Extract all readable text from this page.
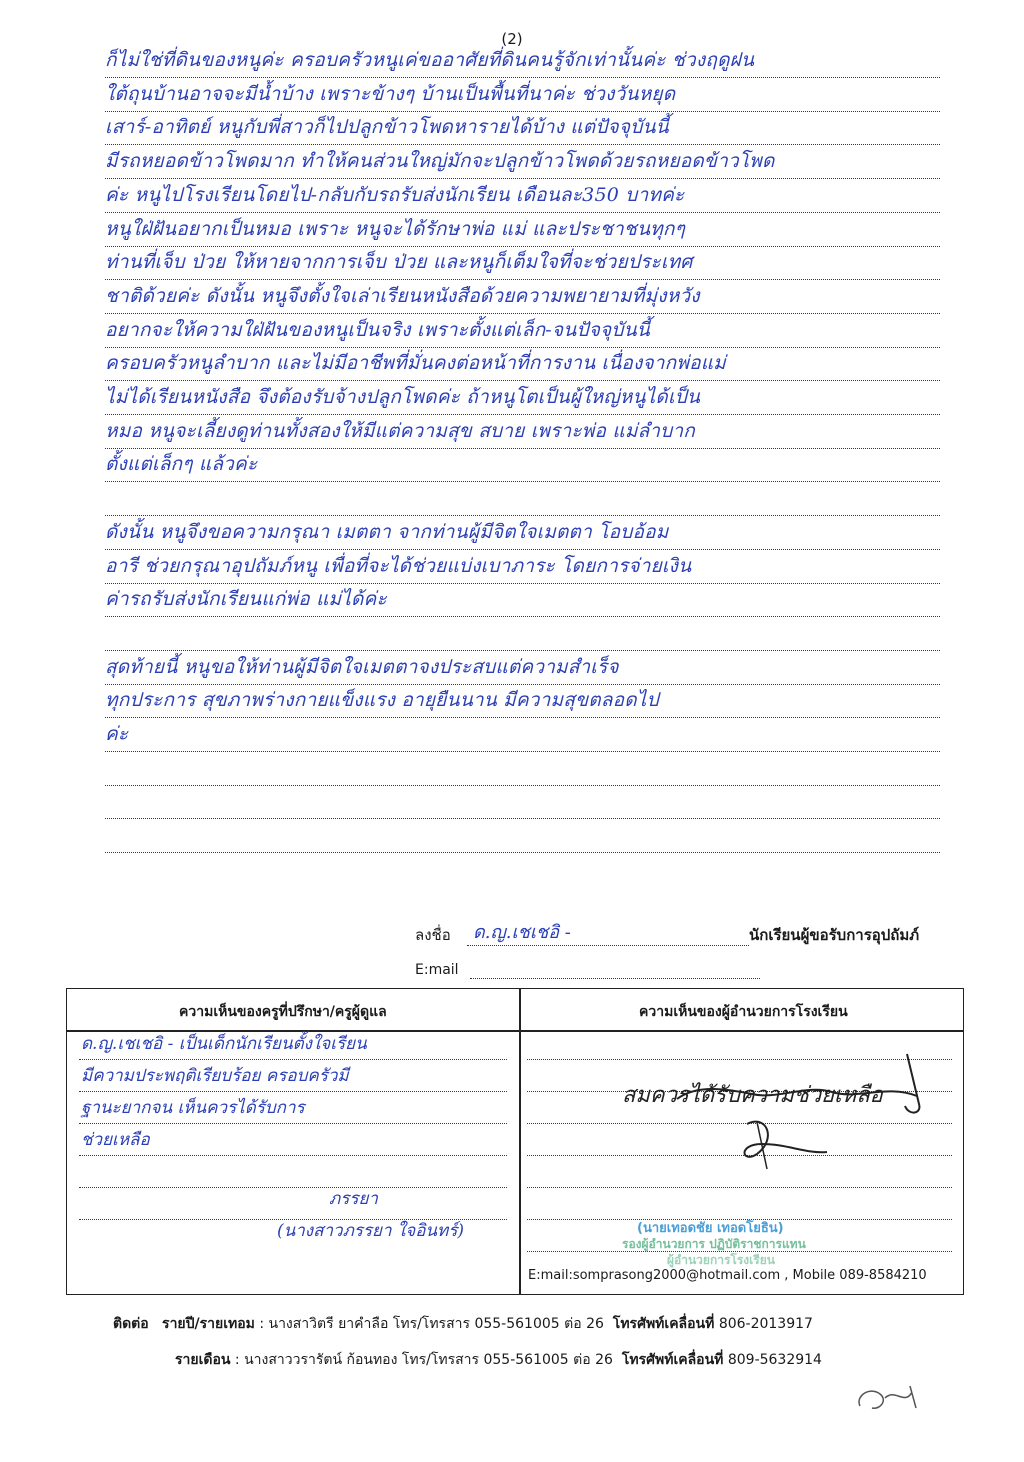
(2)
ก็ไม่ใช่ที่ดินของหนูค่ะ ครอบครัวหนูเค่ขออาศัยที่ดินคนรู้จักเท่านั้นค่ะ ช่วงฤดูฝน
ใต้ถุนบ้านอาจจะมีน้ำบ้าง เพราะข้างๆ บ้านเป็นพื้นที่นาค่ะ ช่วงวันหยุด
เสาร์-อาทิตย์ หนูกับพี่สาวก็ไปปลูกข้าวโพดหารายได้บ้าง แต่ปัจจุบันนี้
มีรถหยอดข้าวโพดมาก ทำให้คนส่วนใหญ่มักจะปลูกข้าวโพดด้วยรถหยอดข้าวโพด
ค่ะ หนูไปโรงเรียนโดยไป-กลับกับรถรับส่งนักเรียน เดือนละ350 บาทค่ะ
หนูใฝ่ฝันอยากเป็นหมอ เพราะ หนูจะได้รักษาพ่อ แม่ และประชาชนทุกๆ
ท่านที่เจ็บ ป่วย ให้หายจากการเจ็บ ป่วย และหนูก็เต็มใจที่จะช่วยประเทศ
ชาติด้วยค่ะ ดังนั้น หนูจึงตั้งใจเล่าเรียนหนังสือด้วยความพยายามที่มุ่งหวัง
อยากจะให้ความใฝ่ฝันของหนูเป็นจริง เพราะตั้งแต่เล็ก-จนปัจจุบันนี้
ครอบครัวหนูลำบาก และไม่มีอาชีพที่มั่นคงต่อหน้าที่การงาน เนื่องจากพ่อแม่
ไม่ได้เรียนหนังสือ จึงต้องรับจ้างปลูกโพดค่ะ ถ้าหนูโตเป็นผู้ใหญ่หนูได้เป็น
หมอ หนูจะเลี้ยงดูท่านทั้งสองให้มีแต่ความสุข สบาย เพราะพ่อ แม่ลำบาก
ตั้งแต่เล็กๆ แล้วค่ะ
ดังนั้น หนูจึงขอความกรุณา เมตตา จากท่านผู้มีจิตใจเมตตา โอบอ้อม
อารี ช่วยกรุณาอุปถัมภ์หนู เพื่อที่จะได้ช่วยแบ่งเบาภาระ โดยการจ่ายเงิน
ค่ารถรับส่งนักเรียนแก่พ่อ แม่ได้ค่ะ
สุดท้ายนี้ หนูขอให้ท่านผู้มีจิตใจเมตตาจงประสบแต่ความสำเร็จ
ทุกประการ สุขภาพร่างกายแข็งแรง อายุยืนนาน มีความสุขตลอดไป
ค่ะ
ลงชื่อ ด.ญ.เชเชอิ -	นักเรียนผู้ขอรับการอุปถัมภ์
E:mail
ความเห็นของครูที่ปรึกษา/ครูผู้ดูแล	ความเห็นของผู้อำนวยการโรงเรียน
ด.ญ.เชเชอิ - เป็นเด็กนักเรียนตั้งใจเรียน
มีความประพฤติเรียบร้อย ครอบครัวมี
ฐานะยากจน เห็นควรได้รับการ
ช่วยเหลือ
ภรรยา
(นางสาวภรรยา ใจอินทร์)
สมควรได้รับความช่วยเหลือ
(นายเทอดชัย เทอดโยธิน)
รองผู้อำนวยการ ปฏิบัติราชการแทน
ผู้อำนวยการโรงเรียน
E:mail:somprasong2000@hotmail.com , Mobile 089-8584210
ติดต่อ รายปี/รายเทอม : นางสาวิตรี ยาคำลือ โทร/โทรสาร 055-561005 ต่อ 26 โทรศัพท์เคลื่อนที่ 806-2013917
รายเดือน : นางสาววรารัตน์ ก้อนทอง โทร/โทรสาร 055-561005 ต่อ 26 โทรศัพท์เคลื่อนที่ 809-5632914
